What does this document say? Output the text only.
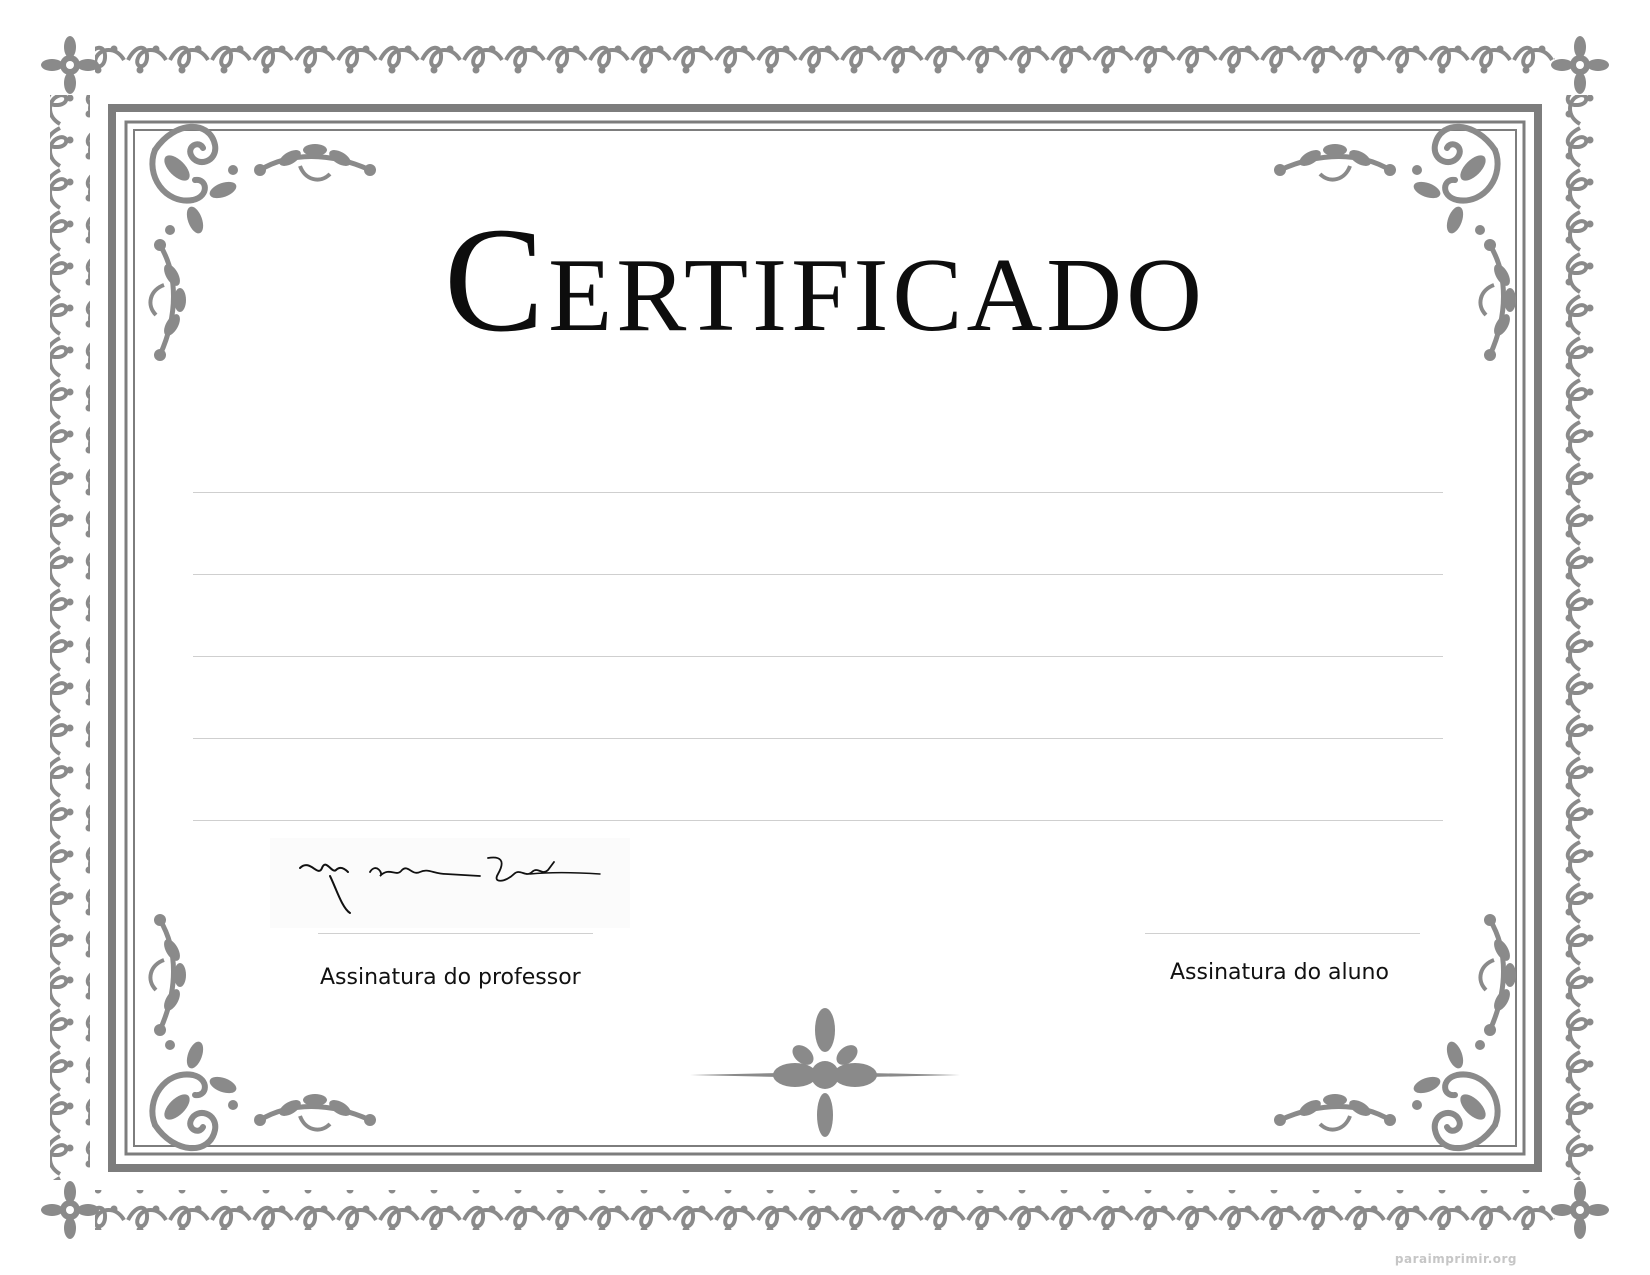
Certificado
Assinatura do professor	Assinatura do aluno
paraimprimir.org
